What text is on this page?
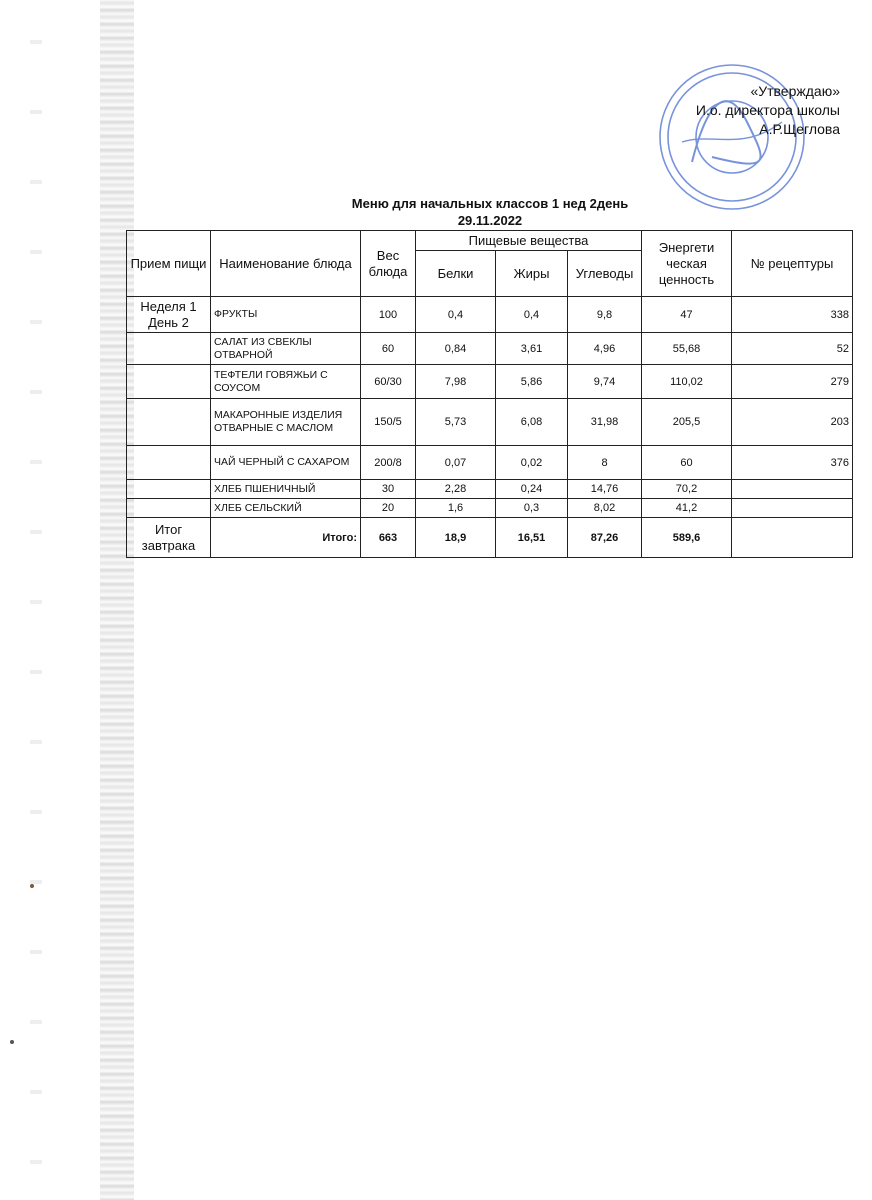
«Утверждаю»
И.о. директора школы
А.Р.Щеглова
Меню для начальных классов 1 нед 2день
29.11.2022
Прием пищи	Наименование блюда	Вес блюда	Пищевые вещества			Энергети ческая ценность	№ рецептуры
			Белки	Жиры	Углеводы		
Неделя 1 День 2	ФРУКТЫ	100	0,4	0,4	9,8	47	338
	САЛАТ ИЗ СВЕКЛЫ ОТВАРНОЙ	60	0,84	3,61	4,96	55,68	52
	ТЕФТЕЛИ ГОВЯЖЬИ С СОУСОМ	60/30	7,98	5,86	9,74	110,02	279
	МАКАРОННЫЕ ИЗДЕЛИЯ ОТВАРНЫЕ С МАСЛОМ	150/5	5,73	6,08	31,98	205,5	203
	ЧАЙ ЧЕРНЫЙ С САХАРОМ	200/8	0,07	0,02	8	60	376
	ХЛЕБ ПШЕНИЧНЫЙ	30	2,28	0,24	14,76	70,2	
	ХЛЕБ СЕЛЬСКИЙ	20	1,6	0,3	8,02	41,2	
Итог завтрака	Итого:	663	18,9	16,51	87,26	589,6	
